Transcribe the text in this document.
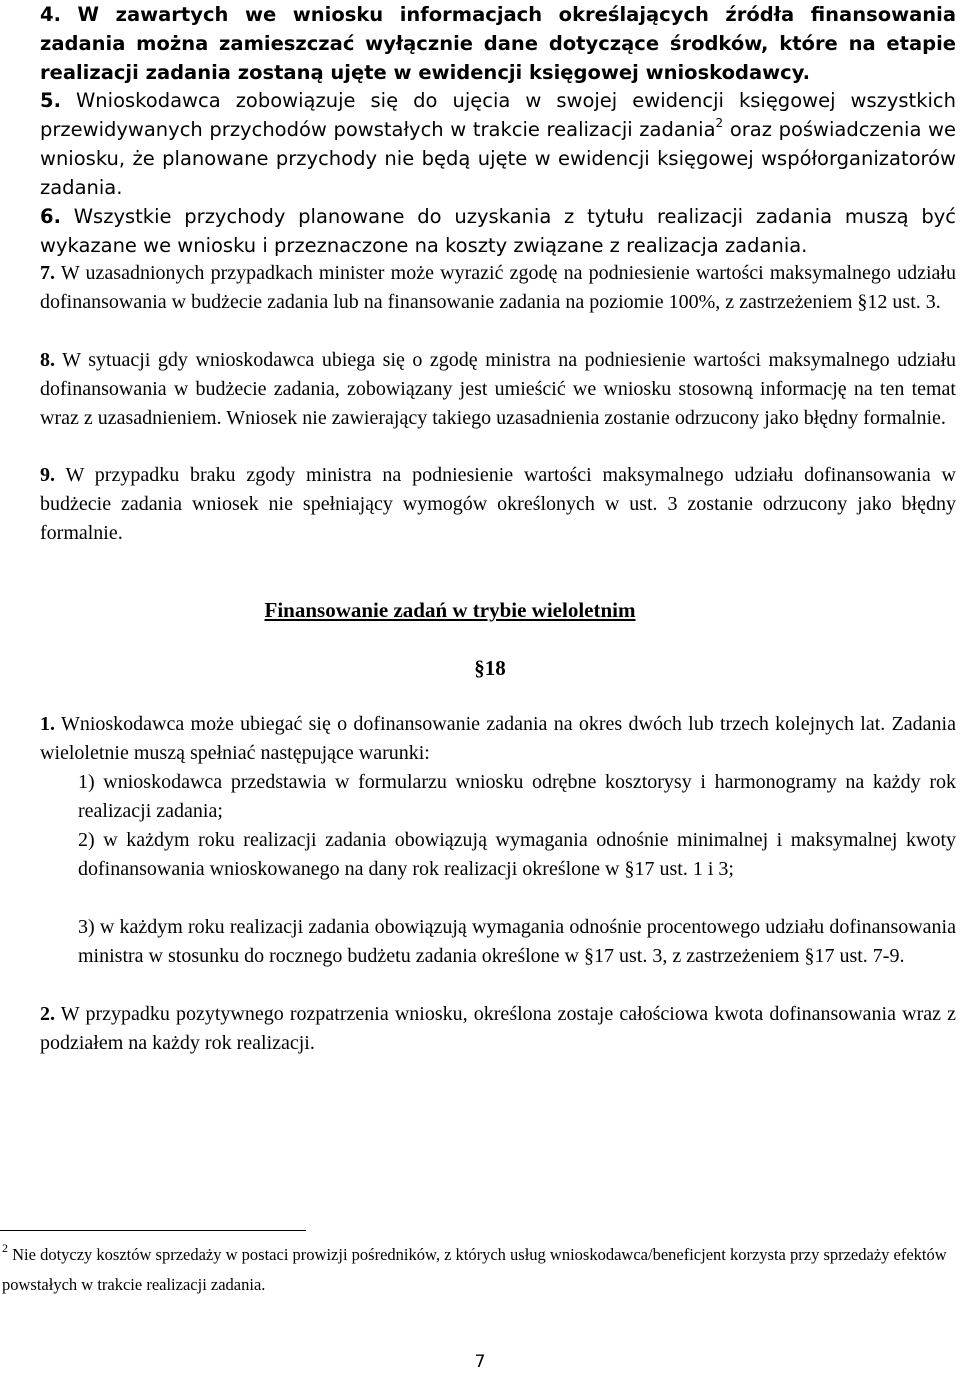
4. W zawartych we wniosku informacjach określających źródła finansowania zadania można zamieszczać wyłącznie dane dotyczące środków, które na etapie realizacji zadania zostaną ujęte w ewidencji księgowej wnioskodawcy.
5. Wnioskodawca zobowiązuje się do ujęcia w swojej ewidencji księgowej wszystkich przewidywanych przychodów powstałych w trakcie realizacji zadania$^2$ oraz poświadczenia we wniosku, że planowane przychody nie będą ujęte w ewidencji księgowej współorganizatorów zadania.
6. Wszystkie przychody planowane do uzyskania z tytułu realizacji zadania muszą być wykazane we wniosku i przeznaczone na koszty związane z realizacja zadania.
7. W uzasadnionych przypadkach minister może wyrazić zgodę na podniesienie wartości maksymalnego udziału dofinansowania w budżecie zadania lub na finansowanie zadania na poziomie 100%, z zastrzeżeniem §12 ust. 3.
8. W sytuacji gdy wnioskodawca ubiega się o zgodę ministra na podniesienie wartości maksymalnego udziału dofinansowania w budżecie zadania, zobowiązany jest umieścić we wniosku stosowną informację na ten temat wraz z uzasadnieniem. Wniosek nie zawierający takiego uzasadnienia zostanie odrzucony jako błędny formalnie.
9. W przypadku braku zgody ministra na podniesienie wartości maksymalnego udziału dofinansowania w budżecie zadania wniosek nie spełniający wymogów określonych w ust. 3 zostanie odrzucony jako błędny formalnie.
Finansowanie zadań w trybie wieloletnim
§18
1. Wnioskodawca może ubiegać się o dofinansowanie zadania na okres dwóch lub trzech kolejnych lat. Zadania wieloletnie muszą spełniać następujące warunki:
1) wnioskodawca przedstawia w formularzu wniosku odrębne kosztorysy i harmonogramy na każdy rok realizacji zadania;
2) w każdym roku realizacji zadania obowiązują wymagania odnośnie minimalnej i maksymalnej kwoty dofinansowania wnioskowanego na dany rok realizacji określone w §17 ust. 1 i 3;
3) w każdym roku realizacji zadania obowiązują wymagania odnośnie procentowego udziału dofinansowania ministra w stosunku do rocznego budżetu zadania określone w §17 ust. 3, z zastrzeżeniem §17 ust. 7-9.
2. W przypadku pozytywnego rozpatrzenia wniosku, określona zostaje całościowa kwota dofinansowania wraz z podziałem na każdy rok realizacji.
$^2$ Nie dotyczy kosztów sprzedaży w postaci prowizji pośredników, z których usług wnioskodawca/beneficjent korzysta przy sprzedaży efektów powstałych w trakcie realizacji zadania.
7
